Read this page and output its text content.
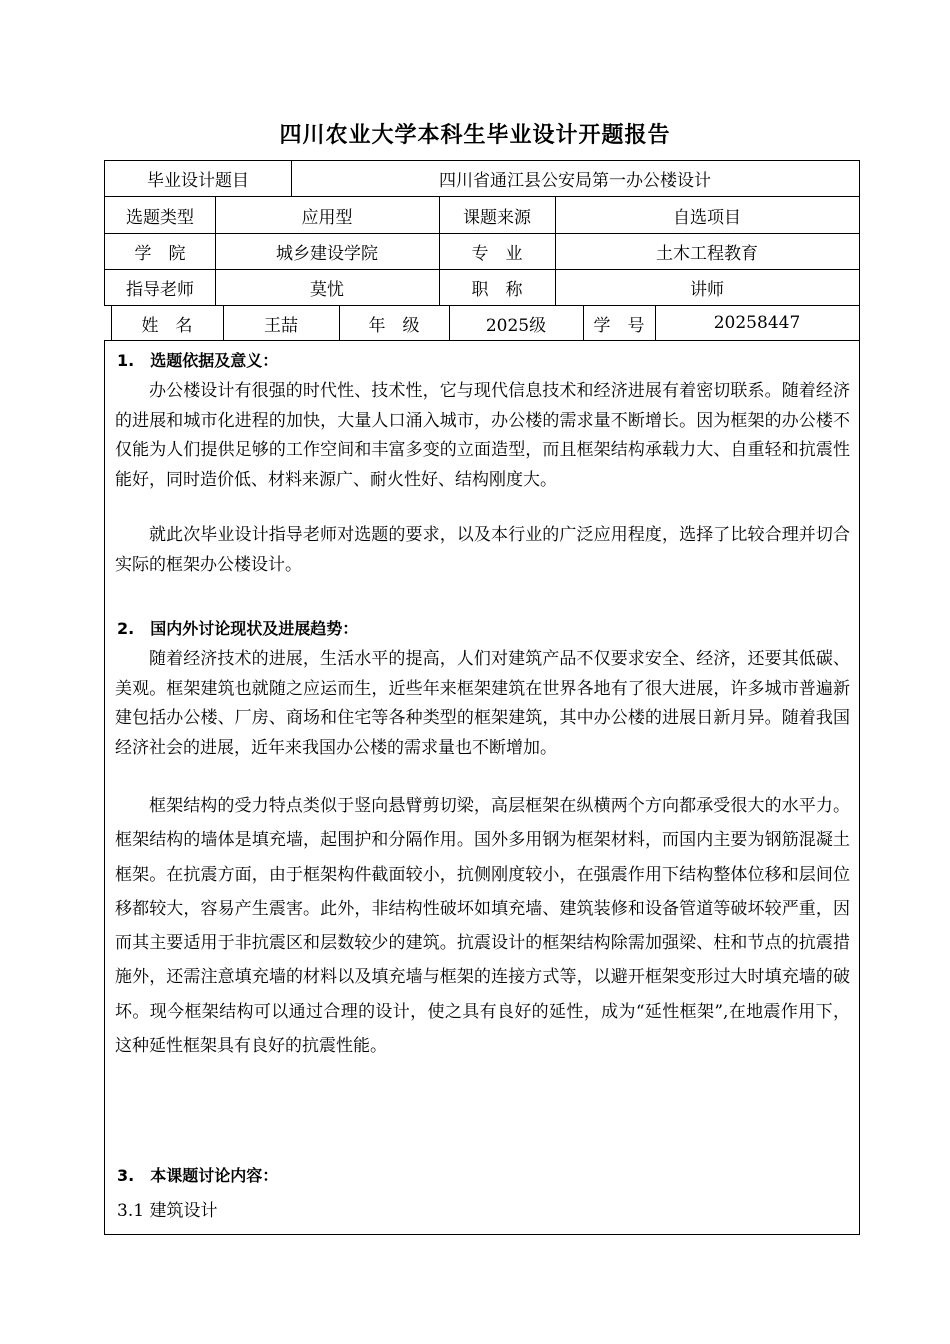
四川农业大学本科生毕业设计开题报告
毕业设计题目	四川省通江县公安局第一办公楼设计
选题类型	应用型	课题来源	自选项目
学　院	城乡建设学院	专　业	土木工程教育
指导老师	莫忧	职　称	讲师
姓　名	王喆	年　级	2025级	学　号	20258447
1.　选题依据及意义：
办公楼设计有很强的时代性、技术性，它与现代信息技术和经济进展有着密切联系。随着经济的进展和城市化进程的加快，大量人口涌入城市，办公楼的需求量不断增长。因为框架的办公楼不仅能为人们提供足够的工作空间和丰富多变的立面造型，而且框架结构承载力大、自重轻和抗震性能好，同时造价低、材料来源广、耐火性好、结构刚度大。
就此次毕业设计指导老师对选题的要求，以及本行业的广泛应用程度，选择了比较合理并切合实际的框架办公楼设计。
2.　国内外讨论现状及进展趋势：
随着经济技术的进展，生活水平的提高，人们对建筑产品不仅要求安全、经济，还要其低碳、美观。框架建筑也就随之应运而生，近些年来框架建筑在世界各地有了很大进展，许多城市普遍新建包括办公楼、厂房、商场和住宅等各种类型的框架建筑，其中办公楼的进展日新月异。随着我国经济社会的进展，近年来我国办公楼的需求量也不断增加。
框架结构的受力特点类似于竖向悬臂剪切梁，高层框架在纵横两个方向都承受很大的水平力。框架结构的墙体是填充墙，起围护和分隔作用。国外多用钢为框架材料，而国内主要为钢筋混凝土框架。在抗震方面，由于框架构件截面较小，抗侧刚度较小，在强震作用下结构整体位移和层间位移都较大，容易产生震害。此外，非结构性破坏如填充墙、建筑装修和设备管道等破坏较严重，因而其主要适用于非抗震区和层数较少的建筑。抗震设计的框架结构除需加强梁、柱和节点的抗震措施外，还需注意填充墙的材料以及填充墙与框架的连接方式等，以避开框架变形过大时填充墙的破坏。现今框架结构可以通过合理的设计，使之具有良好的延性，成为“延性框架”,在地震作用下，这种延性框架具有良好的抗震性能。
3.　本课题讨论内容：
3.1 建筑设计
